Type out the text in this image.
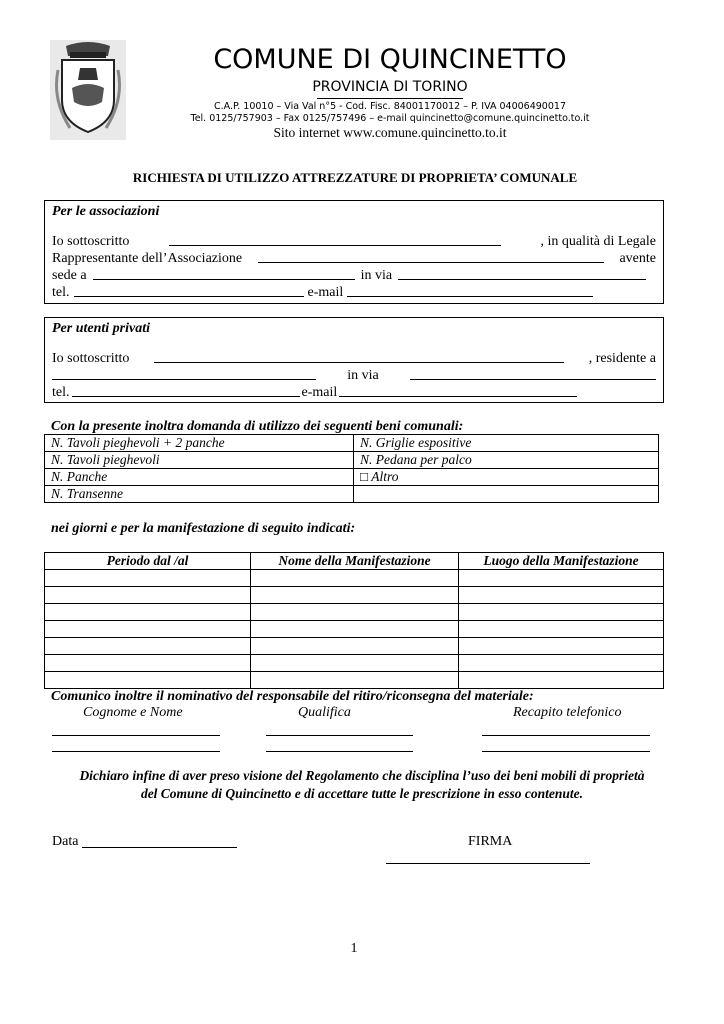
COMUNE DI QUINCINETTO
PROVINCIA DI TORINO
C.A.P. 10010 – Via Val n°5 - Cod. Fisc. 84001170012 – P. IVA 04006490017
Tel. 0125/757903 – Fax 0125/757496 – e-mail quincinetto@comune.quincinetto.to.it
Sito internet www.comune.quincinetto.to.it
RICHIESTA DI UTILIZZO ATTREZZATURE DI PROPRIETA’ COMUNALE
Per le associazioni
Io sottoscritto	, in qualità di Legale
Rappresentante dell’Associazione	avente
sede a	in via
tel.	e-mail
Per utenti privati
Io sottoscritto	, residente a
in via
tel.	e-mail
Con la presente inoltra domanda di utilizzo dei seguenti beni comunali:
N. Tavoli pieghevoli + 2 panche	N. Griglie espositive
N. Tavoli pieghevoli	N. Pedana per palco
N. Panche	□ Altro
N. Transenne	
nei giorni e per la manifestazione di seguito indicati:
Periodo dal /al	Nome della Manifestazione	Luogo della Manifestazione

Comunico inoltre il nominativo del responsabile del ritiro/riconsegna del materiale:
Cognome e Nome	Qualifica	Recapito telefonico
Dichiaro infine di aver preso visione del Regolamento che disciplina l’uso dei beni mobili di proprietà del Comune di Quincinetto e di accettare tutte le prescrizione in esso contenute.
Data	FIRMA
1
